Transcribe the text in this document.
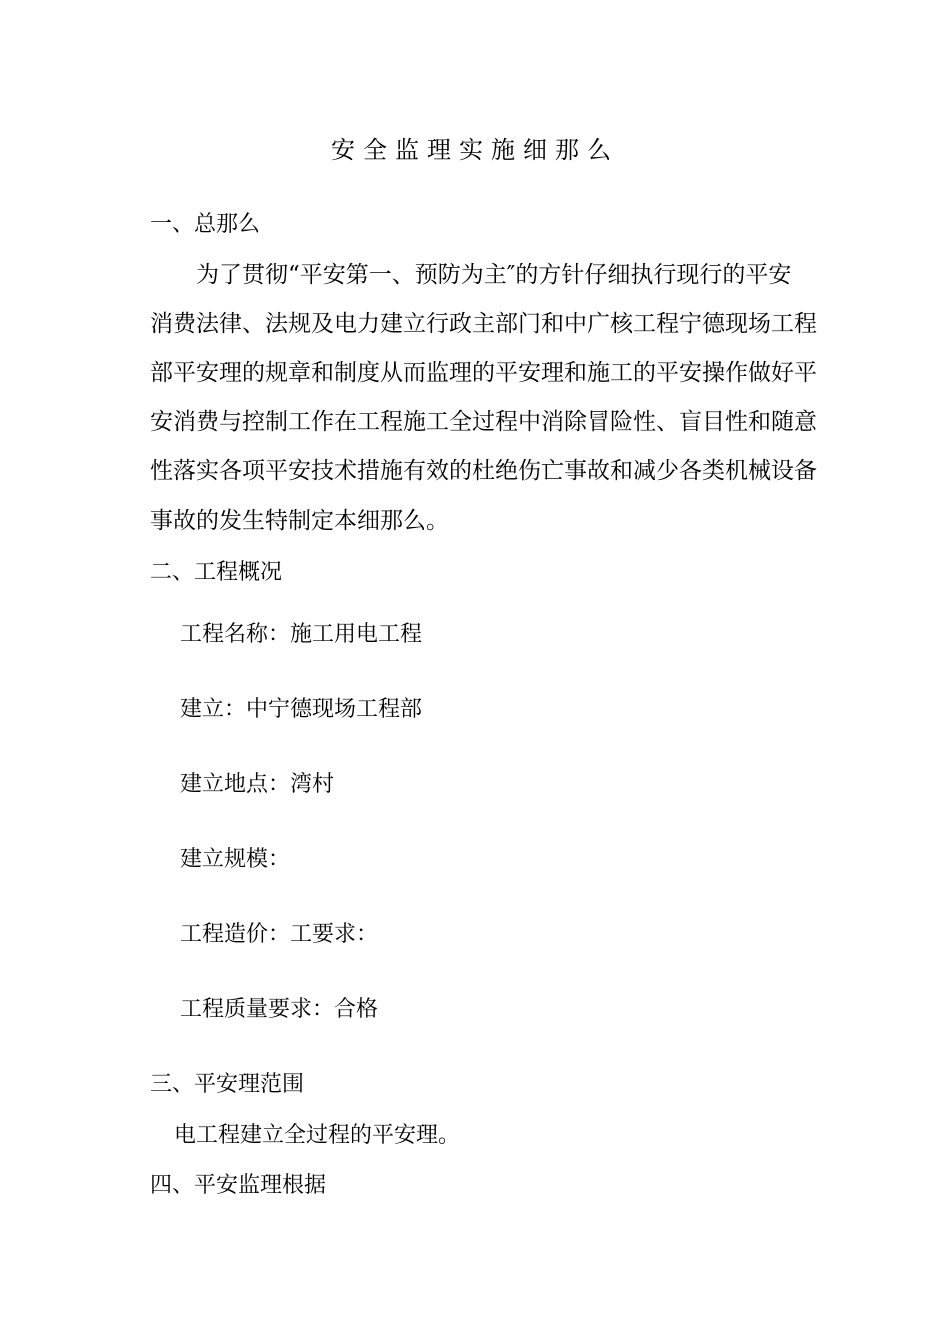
安全监理实施细那么
一、总那么
为了贯彻“平安第一、预防为主″的方针仔细执行现行的平安
消费法律、法规及电力建立行政主部门和中广核工程宁德现场工程
部平安理的规章和制度从而监理的平安理和施工的平安操作做好平
安消费与控制工作在工程施工全过程中消除冒险性、盲目性和随意
性落实各项平安技术措施有效的杜绝伤亡事故和减少各类机械设备
事故的发生特制定本细那么。
二、工程概况
工程名称：施工用电工程
建立：中宁德现场工程部
建立地点：湾村
建立规模：
工程造价：工要求：
工程质量要求：合格
三、平安理范围
电工程建立全过程的平安理。
四、平安监理根据
